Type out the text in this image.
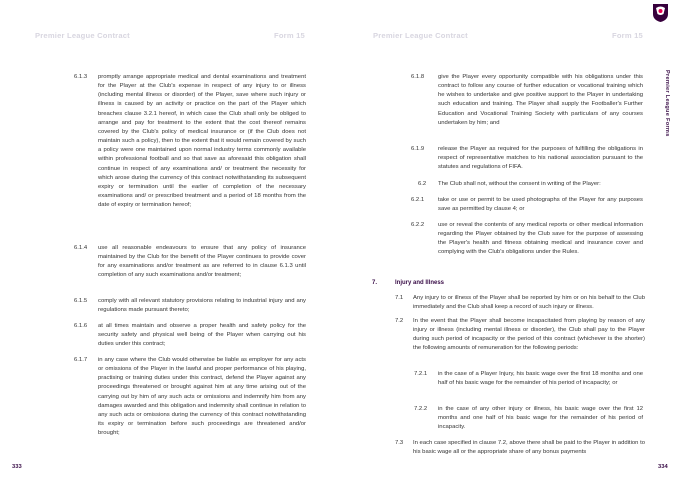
Premier League Contract	Form 15
6.1.3 promptly arrange appropriate medical and dental examinations and treatment for the Player at the Club's expense in respect of any injury to or illness (including mental illness or disorder) of the Player, save where such injury or illness is caused by an activity or practice on the part of the Player which breaches clause 3.2.1 hereof, in which case the Club shall only be obliged to arrange and pay for treatment to the extent that the cost thereof remains covered by the Club's policy of medical insurance or (if the Club does not maintain such a policy), then to the extent that it would remain covered by such a policy were one maintained upon normal industry terms commonly available within professional football and so that save as aforesaid this obligation shall continue in respect of any examinations and/ or treatment the necessity for which arose during the currency of this contract notwithstanding its subsequent expiry or termination until the earlier of completion of the necessary examinations and/ or prescribed treatment and a period of 18 months from the date of expiry or termination hereof;
6.1.4 use all reasonable endeavours to ensure that any policy of insurance maintained by the Club for the benefit of the Player continues to provide cover for any examinations and/or treatment as are referred to in clause 6.1.3 until completion of any such examinations and/or treatment;
6.1.5 comply with all relevant statutory provisions relating to industrial injury and any regulations made pursuant thereto;
6.1.6 at all times maintain and observe a proper health and safety policy for the security safety and physical well being of the Player when carrying out his duties under this contract;
6.1.7 in any case where the Club would otherwise be liable as employer for any acts or omissions of the Player in the lawful and proper performance of his playing, practising or training duties under this contract, defend the Player against any proceedings threatened or brought against him at any time arising out of the carrying out by him of any such acts or omissions and indemnify him from any damages awarded and this obligation and indemnity shall continue in relation to any such acts or omissions during the currency of this contract notwithstanding its expiry or termination before such proceedings are threatened and/or brought;
333
Premier League Contract	Form 15
6.1.8 give the Player every opportunity compatible with his obligations under this contract to follow any course of further education or vocational training which he wishes to undertake and give positive support to the Player in undertaking such education and training. The Player shall supply the Footballer's Further Education and Vocational Training Society with particulars of any courses undertaken by him; and
6.1.9 release the Player as required for the purposes of fulfilling the obligations in respect of representative matches to his national association pursuant to the statutes and regulations of FIFA.
6.2 The Club shall not, without the consent in writing of the Player:
6.2.1 take or use or permit to be used photographs of the Player for any purposes save as permitted by clause 4; or
6.2.2 use or reveal the contents of any medical reports or other medical information regarding the Player obtained by the Club save for the purpose of assessing the Player's health and fitness obtaining medical and insurance cover and complying with the Club's obligations under the Rules.
7.	Injury and Illness
7.1 Any injury to or illness of the Player shall be reported by him or on his behalf to the Club immediately and the Club shall keep a record of such injury or illness.
7.2 In the event that the Player shall become incapacitated from playing by reason of any injury or illness (including mental illness or disorder), the Club shall pay to the Player during such period of incapacity or the period of this contract (whichever is the shorter) the following amounts of remuneration for the following periods:
7.2.1 in the case of a Player Injury, his basic wage over the first 18 months and one half of his basic wage for the remainder of his period of incapacity; or
7.2.2 in the case of any other injury or illness, his basic wage over the first 12 months and one half of his basic wage for the remainder of his period of incapacity.
7.3 In each case specified in clause 7.2, above there shall be paid to the Player in addition to his basic wage all or the appropriate share of any bonus payments
334
Premier League Forms
